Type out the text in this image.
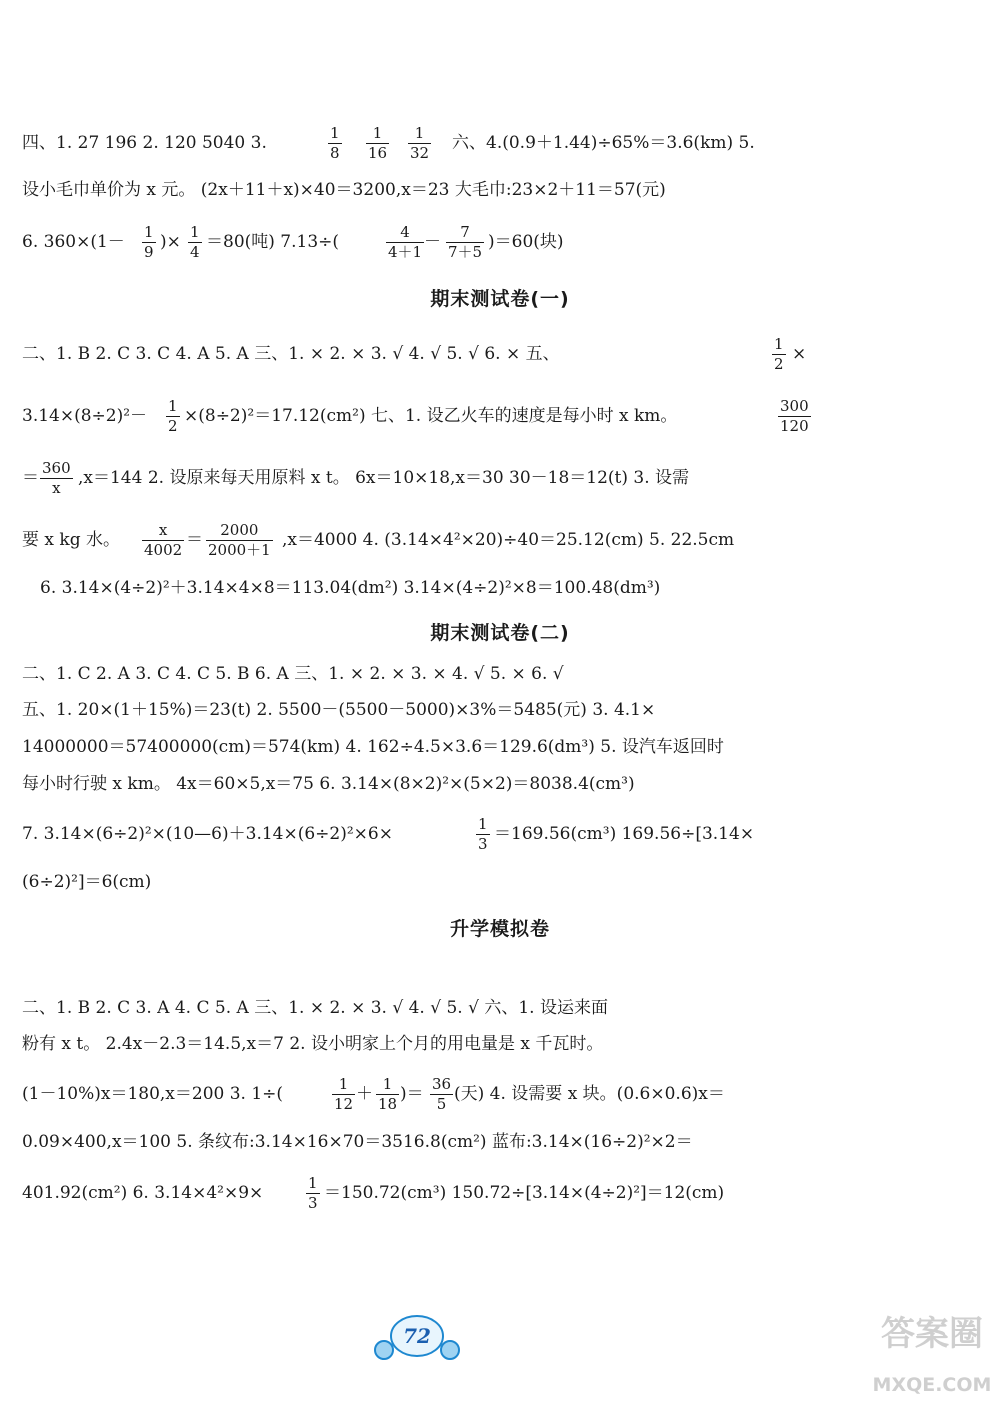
四、1. 27 196 2. 120 5040 3.	$\frac{1}{8} \frac{1}{16} \frac{1}{32}$ 六、4.(0.9＋1.44)÷65%＝3.6(km) 5.
设小毛巾单价为 x 元。 (2x＋11＋x)×40＝3200,x＝23 大毛巾:23×2＋11＝57(元)
6. $360\times(1- \frac{1}{9}$ )× $\frac{1}{4} =80$(吨) 7.13÷(	$\frac{4}{4+1} - \frac{7}{7+5} )=60$(块)
期末测试卷(一)
二、1. B 2. C 3. C 4. A 5. A 三、1. × 2. × 3. √ 4. √ 5. √ 6. × 五、	$\frac{1}{2}$ ×
$3.14\times(8\div 2)^2- \frac{1}{2} \times(8\div 2)^2=17.12(cm^2)$ 七、1. 设乙火车的速度是每小时 x km。	$\frac{300}{120}$
＝ $\frac{360}{x} ,x=144$ 2. 设原来每天用原料 x t。 6x＝10×18,x＝30 30－18＝12(t) 3. 设需
要 x kg 水。 $\frac{x}{4002} = \frac{2000}{2000+1} ,x=4000$ 4. (3.14×4²×20)÷40＝25.12(cm) 5. 22.5cm
6. 3.14×(4÷2)²＋3.14×4×8＝113.04(dm²) 3.14×(4÷2)²×8＝100.48(dm³)
期末测试卷(二)
二、1. C 2. A 3. C 4. C 5. B 6. A 三、1. × 2. × 3. × 4. √ 5. × 6. √
五、1. 20×(1＋15%)＝23(t) 2. 5500－(5500－5000)×3%＝5485(元) 3. 4.1×
14000000＝57400000(cm)＝574(km) 4. 162÷4.5×3.6＝129.6(dm³) 5. 设汽车返回时
每小时行驶 x km。 4x＝60×5,x＝75 6. 3.14×(8×2)²×(5×2)＝8038.4(cm³)
7. 3.14×(6÷2)²×(10—6)＋3.14×(6÷2)²×6×	$\frac{1}{3} =169.56(cm^3)$ 169.56÷[3.14×
(6÷2)²]＝6(cm)
升学模拟卷
二、1. B 2. C 3. A 4. C 5. A 三、1. × 2. × 3. √ 4. √ 5. √ 六、1. 设运来面
粉有 x t。 2.4x－2.3＝14.5,x＝7 2. 设小明家上个月的用电量是 x 千瓦时。
(1－10%)x＝180,x＝200 3. 1÷(	$\frac{1}{12} + \frac{1}{18}$ )＝ $\frac{36}{5}$ (天) 4. 设需要 x 块。(0.6×0.6)x＝
0.09×400,x＝100 5. 条纹布:3.14×16×70＝3516.8(cm²) 蓝布:3.14×(16÷2)²×2＝
401.92(cm²) 6. 3.14×4²×9×	$\frac{1}{3} =150.72(cm^3)$ 150.72÷[3.14×(4÷2)²]＝12(cm)
72	答案圈
MXQE.COM
